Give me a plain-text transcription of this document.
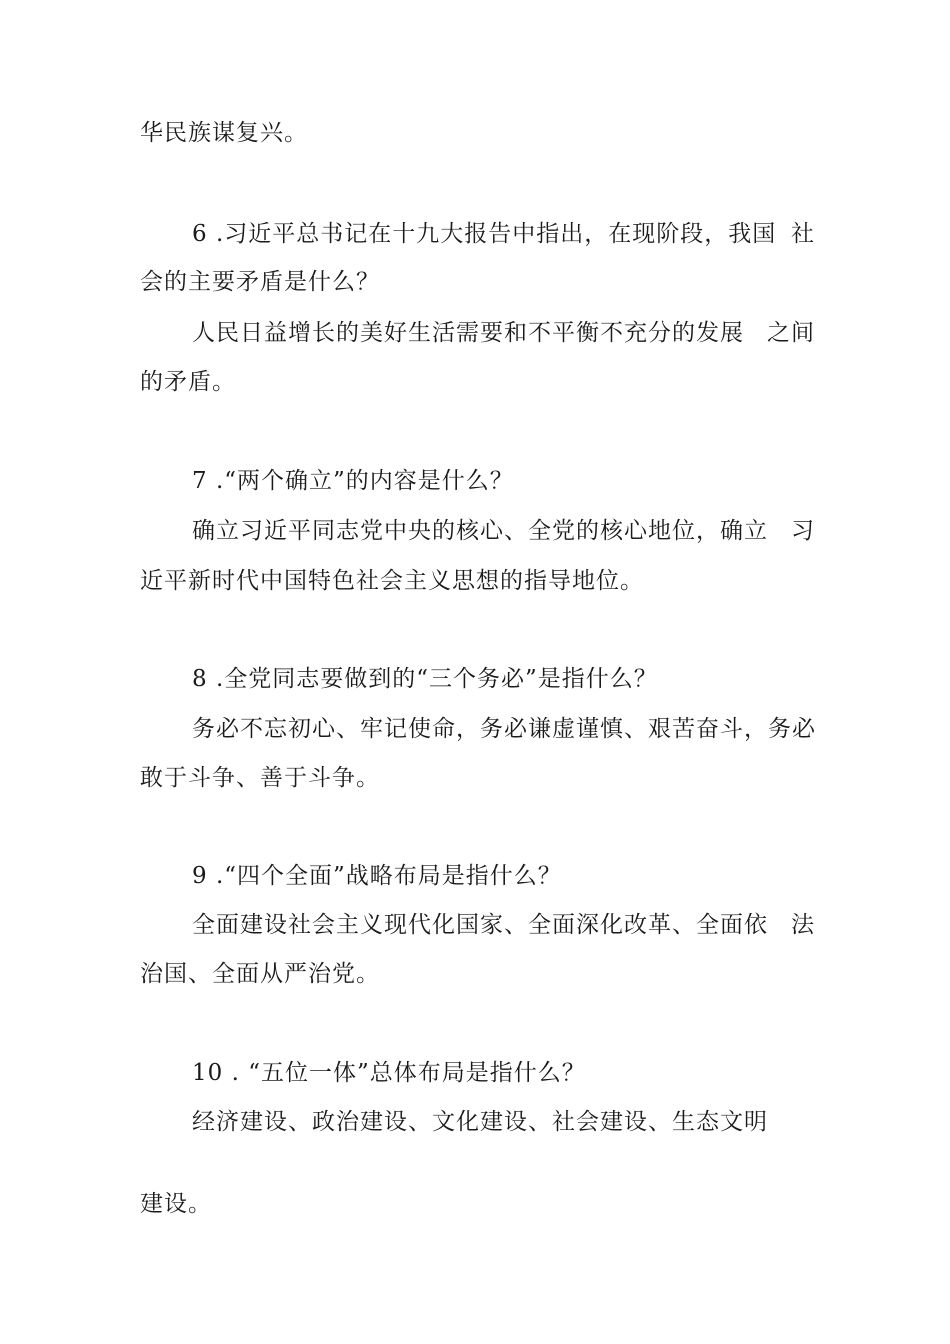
华民族谋复兴。
6 .习近平总书记在十九大报告中指出，在现阶段，我国 社
会的主要矛盾是什么？
人民日益增长的美好生活需要和不平衡不充分的发展 之间
的矛盾。
7 .“两个确立”的内容是什么？
确立习近平同志党中央的核心、全党的核心地位，确立 习
近平新时代中国特色社会主义思想的指导地位。
8 .全党同志要做到的“三个务必”是指什么？
务必不忘初心、牢记使命，务必谦虚谨慎、艰苦奋斗， 务必
敢于斗争、善于斗争。
9 .“四个全面”战略布局是指什么？
全面建设社会主义现代化国家、全面深化改革、全面依 法
治国、全面从严治党。
10 . “五位一体”总体布局是指什么？
经济建设、政治建设、文化建设、社会建设、生态文明
建设。
